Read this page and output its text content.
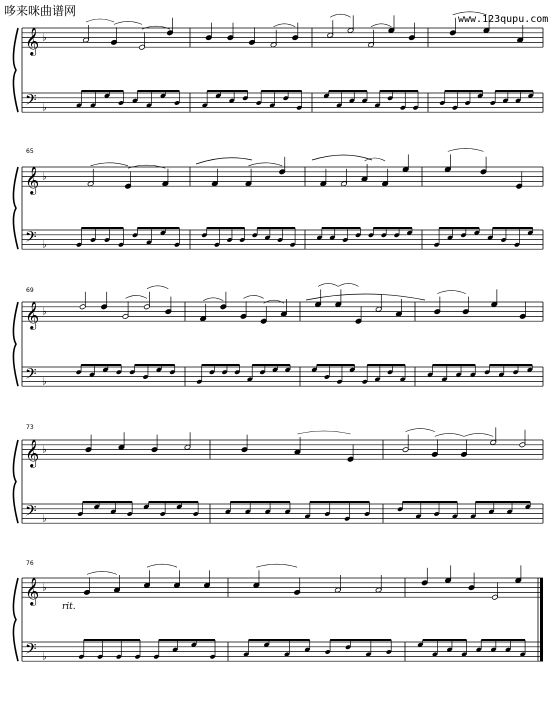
哆来咪曲谱网
www.123qupu.com
65
69
73
76
rit.
𝄞
𝄢
♭
♭
𝄞
𝄢
♭
♭
𝄞
𝄢
♭
♭
𝄞
𝄢
♭
♭
𝄞
𝄢
♭
♭
